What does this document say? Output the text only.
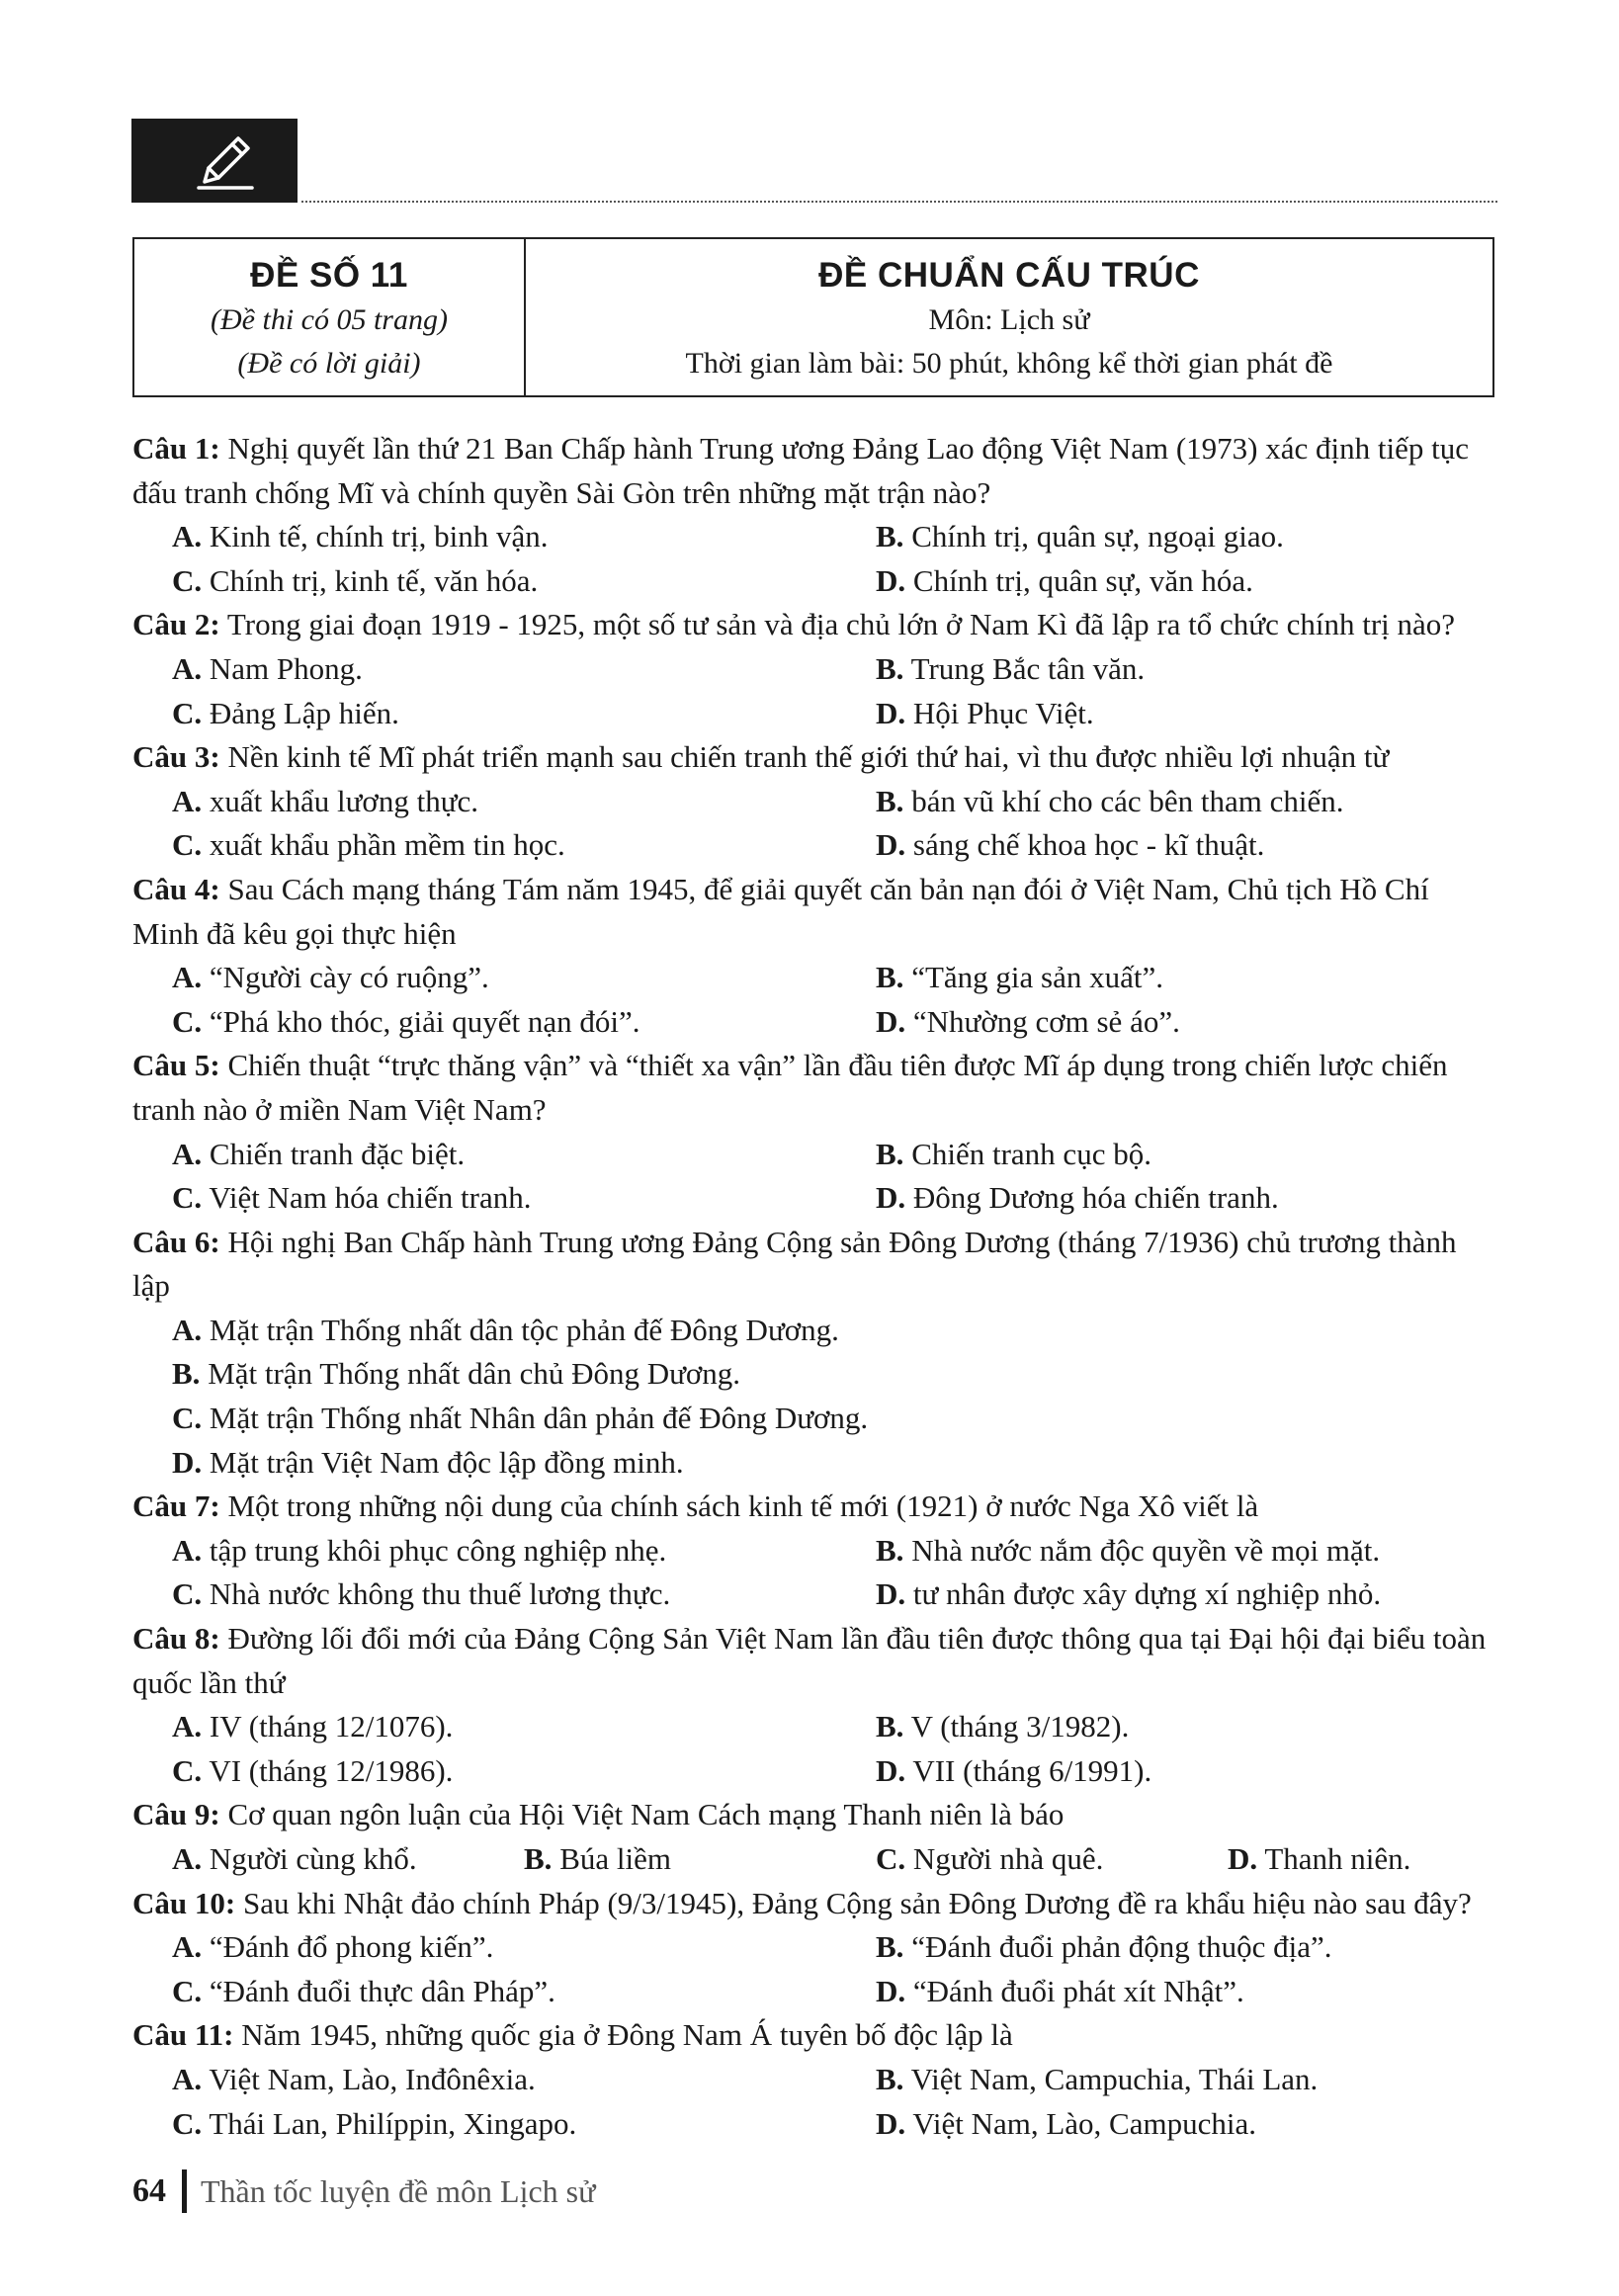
ĐỀ SỐ 11
(Đề thi có 05 trang)
(Đề có lời giải)
ĐỀ CHUẨN CẤU TRÚC
Môn: Lịch sử
Thời gian làm bài: 50 phút, không kể thời gian phát đề

Câu 1: Nghị quyết lần thứ 21 Ban Chấp hành Trung ương Đảng Lao động Việt Nam (1973) xác định tiếp tục đấu tranh chống Mĩ và chính quyền Sài Gòn trên những mặt trận nào?

A. Kinh tế, chính trị, binh vận.	B. Chính trị, quân sự, ngoại giao.
C. Chính trị, kinh tế, văn hóa.	D. Chính trị, quân sự, văn hóa.

Câu 2: Trong giai đoạn 1919 - 1925, một số tư sản và địa chủ lớn ở Nam Kì đã lập ra tổ chức chính trị nào?

A. Nam Phong.	B. Trung Bắc tân văn.
C. Đảng Lập hiến.	D. Hội Phục Việt.

Câu 3: Nền kinh tế Mĩ phát triển mạnh sau chiến tranh thế giới thứ hai, vì thu được nhiều lợi nhuận từ

A. xuất khẩu lương thực.	B. bán vũ khí cho các bên tham chiến.
C. xuất khẩu phần mềm tin học.	D. sáng chế khoa học - kĩ thuật.

Câu 4: Sau Cách mạng tháng Tám năm 1945, để giải quyết căn bản nạn đói ở Việt Nam, Chủ tịch Hồ Chí Minh đã kêu gọi thực hiện

A. “Người cày có ruộng”.	B. “Tăng gia sản xuất”.
C. “Phá kho thóc, giải quyết nạn đói”.	D. “Nhường cơm sẻ áo”.

Câu 5: Chiến thuật “trực thăng vận” và “thiết xa vận” lần đầu tiên được Mĩ áp dụng trong chiến lược chiến tranh nào ở miền Nam Việt Nam?

A. Chiến tranh đặc biệt.	B. Chiến tranh cục bộ.
C. Việt Nam hóa chiến tranh.	D. Đông Dương hóa chiến tranh.

Câu 6: Hội nghị Ban Chấp hành Trung ương Đảng Cộng sản Đông Dương (tháng 7/1936) chủ trương thành lập

A. Mặt trận Thống nhất dân tộc phản đế Đông Dương.
B. Mặt trận Thống nhất dân chủ Đông Dương.
C. Mặt trận Thống nhất Nhân dân phản đế Đông Dương.
D. Mặt trận Việt Nam độc lập đồng minh.

Câu 7: Một trong những nội dung của chính sách kinh tế mới (1921) ở nước Nga Xô viết là

A. tập trung khôi phục công nghiệp nhẹ.	B. Nhà nước nắm độc quyền về mọi mặt.
C. Nhà nước không thu thuế lương thực.	D. tư nhân được xây dựng xí nghiệp nhỏ.

Câu 8: Đường lối đổi mới của Đảng Cộng Sản Việt Nam lần đầu tiên được thông qua tại Đại hội đại biểu toàn quốc lần thứ

A. IV (tháng 12/1076).	B. V (tháng 3/1982).
C. VI (tháng 12/1986).	D. VII (tháng 6/1991).

Câu 9: Cơ quan ngôn luận của Hội Việt Nam Cách mạng Thanh niên là báo

A. Người cùng khổ.	B. Búa liềm	C. Người nhà quê.	D. Thanh niên.

Câu 10: Sau khi Nhật đảo chính Pháp (9/3/1945), Đảng Cộng sản Đông Dương đề ra khẩu hiệu nào sau đây?

A. “Đánh đổ phong kiến”.	B. “Đánh đuổi phản động thuộc địa”.
C. “Đánh đuổi thực dân Pháp”.	D. “Đánh đuổi phát xít Nhật”.

Câu 11: Năm 1945, những quốc gia ở Đông Nam Á tuyên bố độc lập là

A. Việt Nam, Lào, Inđônêxia.	B. Việt Nam, Campuchia, Thái Lan.
C. Thái Lan, Philíppin, Xingapo.	D. Việt Nam, Lào, Campuchia.
64 Thần tốc luyện đề môn Lịch sử
